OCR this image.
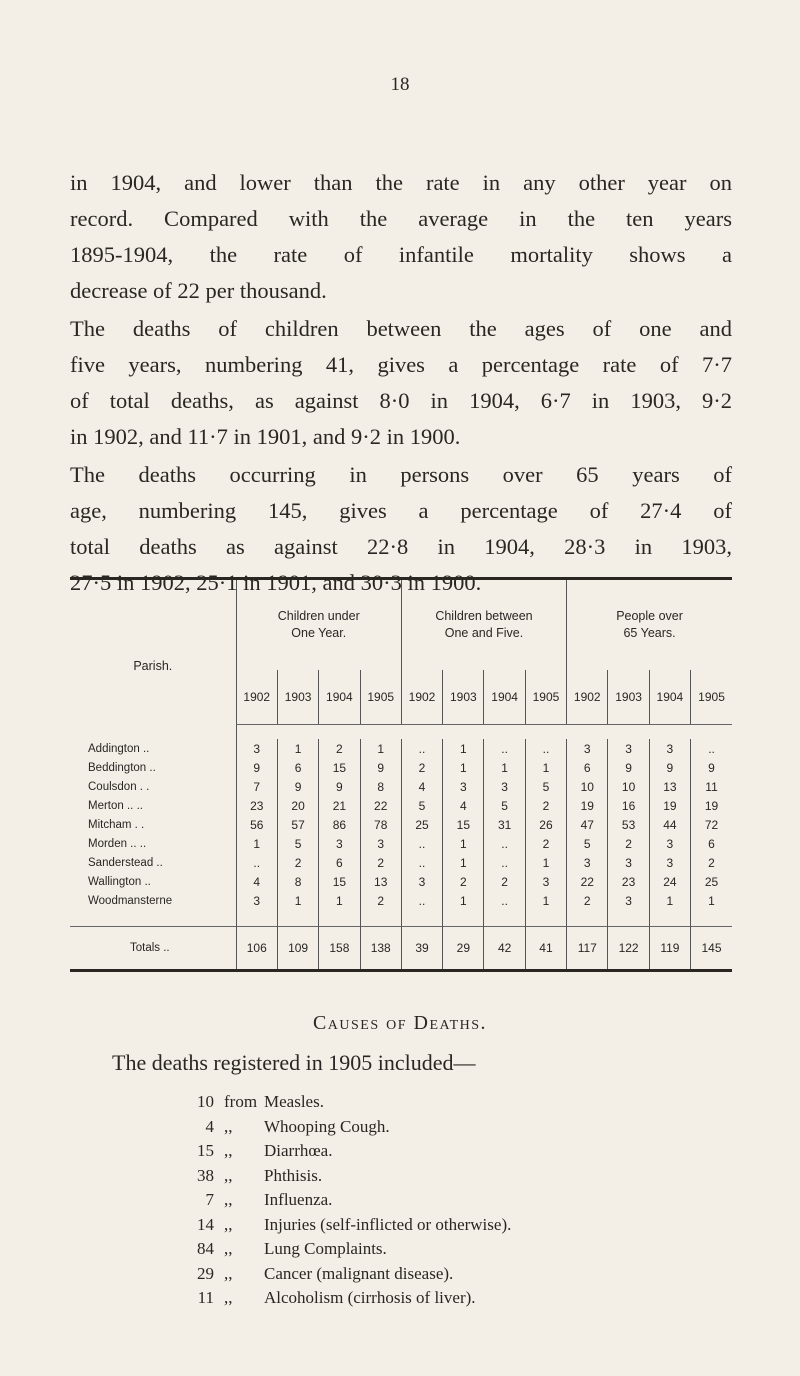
18
in 1904, and lower than the rate in any other year on
record. Compared with the average in the ten years
1895-1904, the rate of infantile mortality shows a
decrease of 22 per thousand.
The deaths of children between the ages of one and
five years, numbering 41, gives a percentage rate of 7·7
of total deaths, as against 8·0 in 1904, 6·7 in 1903, 9·2
in 1902, and 11·7 in 1901, and 9·2 in 1900.
The deaths occurring in persons over 65 years of
age, numbering 145, gives a percentage of 27·4 of
total deaths as against 22·8 in 1904, 28·3 in 1903,
27·5 in 1902, 25·1 in 1901, and 30·3 in 1900.
Parish.	Children under
One Year.				Children between
One and Five.				People over
65 Years.			
	1902	1903	1904	1905	1902	1903	1904	1905	1902	1903	1904	1905

Addington ..	3	1	2	1	..	1	..	..	3	3	3	..
Beddington ..	9	6	15	9	2	1	1	1	6	9	9	9
Coulsdon . .	7	9	9	8	4	3	3	5	10	10	13	11
Merton .. ..	23	20	21	22	5	4	5	2	19	16	19	19
Mitcham . .	56	57	86	78	25	15	31	26	47	53	44	72
Morden .. ..	1	5	3	3	..	1	..	2	5	2	3	6
Sanderstead ..	..	2	6	2	..	1	..	1	3	3	3	2
Wallington ..	4	8	15	13	3	2	2	3	22	23	24	25
Woodmansterne	3	1	1	2	..	1	..	1	2	3	1	1

Totals ..	106	109	158	138	39	29	42	41	117	122	119	145
Causes of Deaths.
The deaths registered in 1905 included—
10 from Measles.
4 ,, Whooping Cough.
15 ,, Diarrhœa.
38 ,, Phthisis.
7 ,, Influenza.
14 ,, Injuries (self-inflicted or otherwise).
84 ,, Lung Complaints.
29 ,, Cancer (malignant disease).
11 ,, Alcoholism (cirrhosis of liver).
